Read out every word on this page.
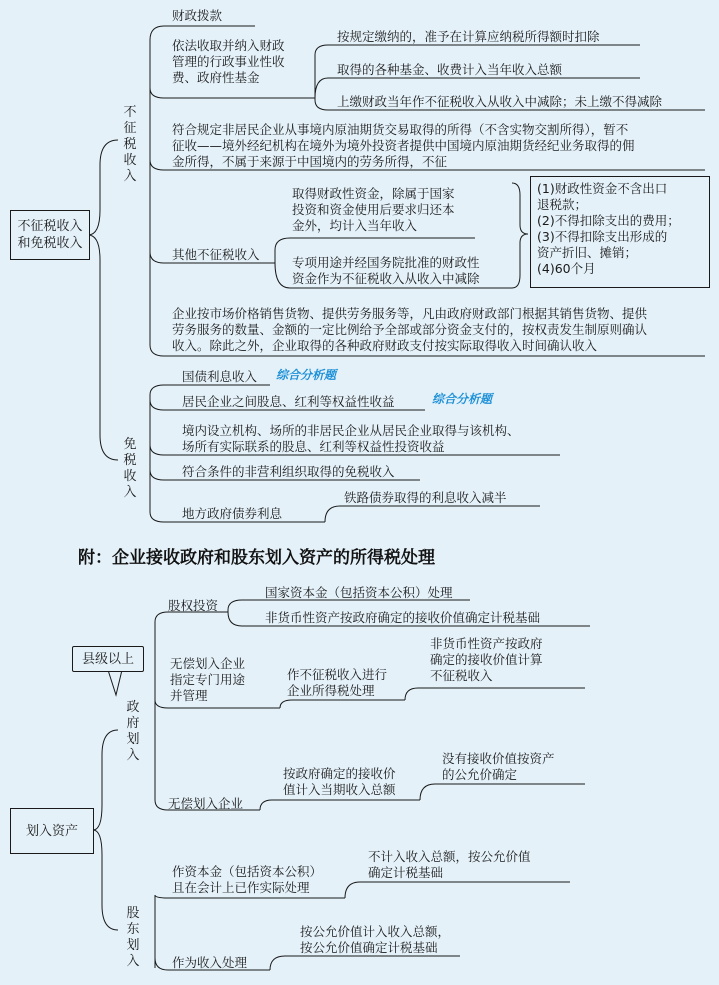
不征税收入
和免税收入
不征税收入
财政拨款
依法收取并纳入财政
管理的行政事业性收
费、政府性基金
按规定缴纳的，准予在计算应纳税所得额时扣除
取得的各种基金、收费计入当年收入总额
上缴财政当年作不征税收入从收入中减除；未上缴不得减除
符合规定非居民企业从事境内原油期货交易取得的所得（不含实物交割所得），暂不
征收——境外经纪机构在境外为境外投资者提供中国境内原油期货经纪业务取得的佣
金所得，不属于来源于中国境内的劳务所得，不征
其他不征税收入
取得财政性资金，除属于国家
投资和资金使用后要求归还本
金外，均计入当年收入
专项用途并经国务院批准的财政性
资金作为不征税收入从收入中减除
(1)财政性资金不含出口
退税款；
(2)不得扣除支出的费用；
(3)不得扣除支出形成的
资产折旧、摊销；
(4)60个月
企业按市场价格销售货物、提供劳务服务等，凡由政府财政部门根据其销售货物、提供
劳务服务的数量、金额的一定比例给予全部或部分资金支付的，按权责发生制原则确认
收入。除此之外，企业取得的各种政府财政支付按实际取得收入时间确认收入
免税收入
国债利息收入 综合分析题
居民企业之间股息、红利等权益性收益	综合分析题
境内设立机构、场所的非居民企业从居民企业取得与该机构、
场所有实际联系的股息、红利等权益性投资收益
符合条件的非营利组织取得的免税收入
地方政府债券利息
铁路债券取得的利息收入减半
附：企业接收政府和股东划入资产的所得税处理
划入资产
县级以上
政府划入
股权投资
国家资本金（包括资本公积）处理
非货币性资产按政府确定的接收价值确定计税基础
无偿划入企业
指定专门用途
并管理
作不征税收入进行
企业所得税处理
非货币性资产按政府
确定的接收价值计算
不征税收入
无偿划入企业
按政府确定的接收价
值计入当期收入总额
没有接收价值按资产
的公允价确定
股东划入
作资本金（包括资本公积）
且在会计上已作实际处理
不计入收入总额，按公允价值
确定计税基础
作为收入处理
按公允价值计入收入总额，
按公允价值确定计税基础
